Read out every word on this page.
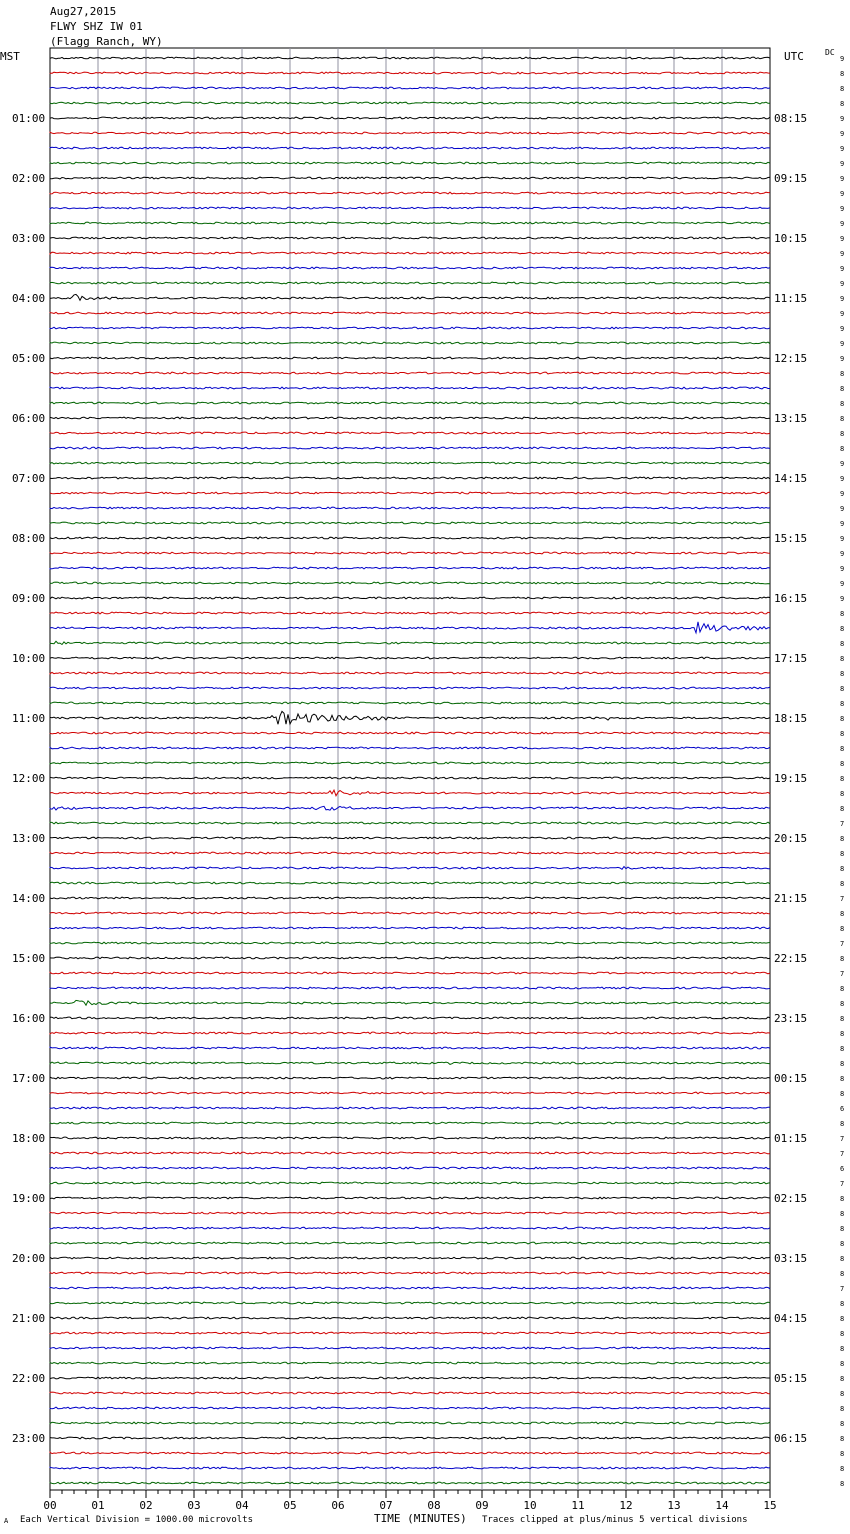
Aug27,2015
FLWY SHZ IW 01
(Flagg Ranch, WY)
MST	UTC	DC
01:00	08:15
02:00	09:15
03:00	10:15
04:00	11:15
05:00	12:15
06:00	13:15
07:00	14:15
08:00	15:15
09:00	16:15
10:00	17:15
11:00	18:15
12:00	19:15
13:00	20:15
14:00	21:15
15:00	22:15
16:00	23:15
17:00	00:15
18:00	01:15
19:00	02:15
20:00	03:15
21:00	04:15
22:00	05:15
23:00	06:15
9
8
8
8
9
9
9
9
9
9
9
9
9
9
9
9
9
9
9
9
9
8
8
8
8
8
8
9
9
9
9
9
9
9
9
9
9
8
8
8
8
8
8
8
8
8
8
8
8
8
8
7
8
8
8
8
7
8
8
7
8
7
8
8
8
8
8
8
8
8
6
8
7
7
6
7
8
8
8
8
8
8
7
8
8
8
8
8
8
8
8
8
8
8
8
8
00	01	02	03	04	05	06	07	08	09	10	11	12	13	14	15
A Each Vertical Division = 1000.00 microvolts	TIME (MINUTES) Traces clipped at plus/minus 5 vertical divisions
